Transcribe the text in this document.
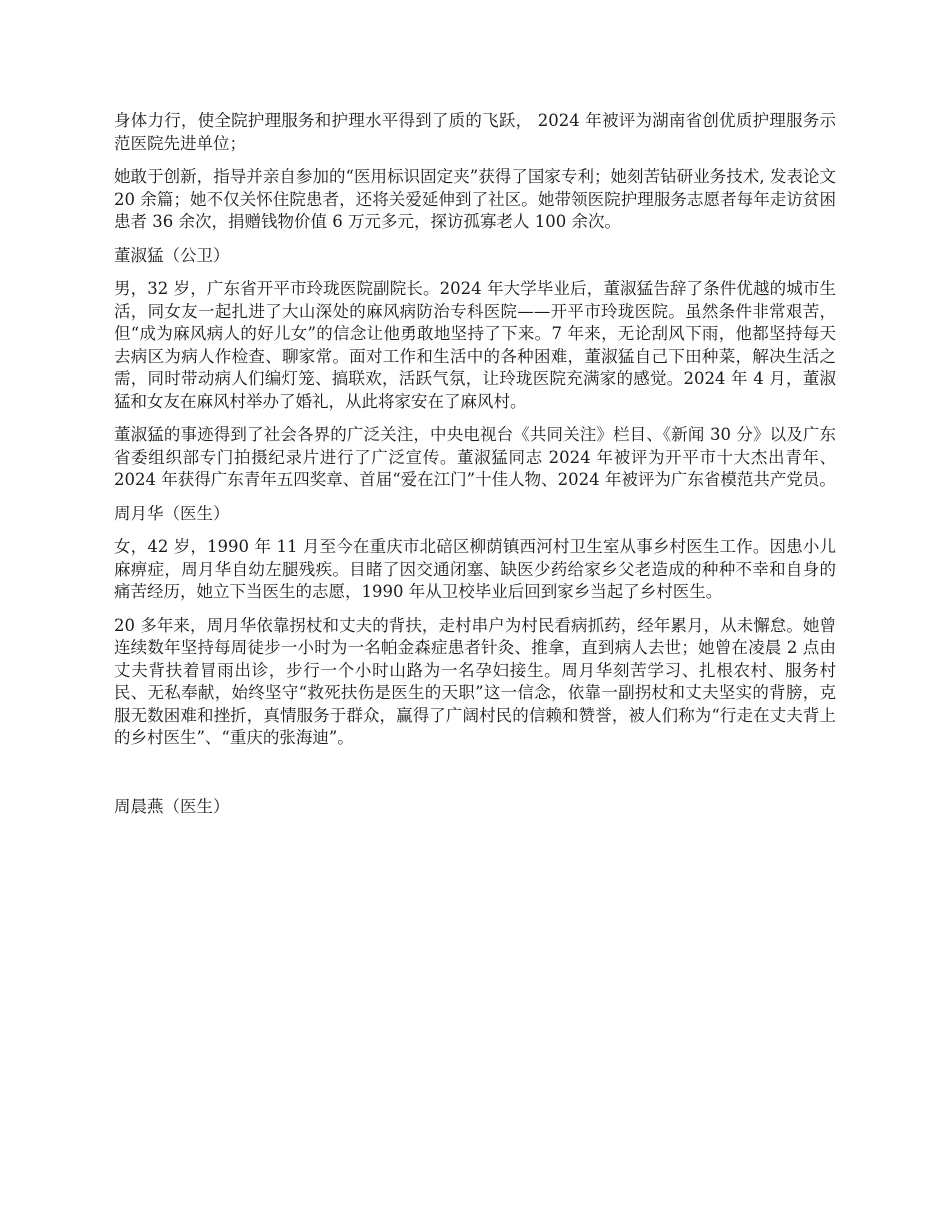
身体力行，使全院护理服务和护理水平得到了质的飞跃， 2024 年被评为湖南省创优质护理服务示范医院先进单位；

她敢于创新，指导并亲自参加的“医用标识固定夹”获得了国家专利；她刻苦钻研业务技术, 发表论文 20 余篇；她不仅关怀住院患者，还将关爱延伸到了社区。她带领医院护理服务志愿者每年走访贫困患者 36 余次，捐赠钱物价值 6 万元多元，探访孤寡老人 100 余次。

董淑猛（公卫）

男，32 岁，广东省开平市玲珑医院副院长。2024 年大学毕业后，董淑猛告辞了条件优越的城市生活，同女友一起扎进了大山深处的麻风病防治专科医院——开平市玲珑医院。虽然条件非常艰苦，但“成为麻风病人的好儿女”的信念让他勇敢地坚持了下来。7 年来，无论刮风下雨，他都坚持每天去病区为病人作检查、聊家常。面对工作和生活中的各种困难，董淑猛自己下田种菜，解决生活之需，同时带动病人们编灯笼、搞联欢，活跃气氛，让玲珑医院充满家的感觉。2024 年 4 月，董淑猛和女友在麻风村举办了婚礼，从此将家安在了麻风村。

董淑猛的事迹得到了社会各界的广泛关注，中央电视台《共同关注》栏目、《新闻 30 分》以及广东省委组织部专门拍摄纪录片进行了广泛宣传。董淑猛同志 2024 年被评为开平市十大杰出青年、2024 年获得广东青年五四奖章、首届“爱在江门”十佳人物、2024 年被评为广东省模范共产党员。

周月华（医生）

女，42 岁，1990 年 11 月至今在重庆市北碚区柳荫镇西河村卫生室从事乡村医生工作。因患小儿麻痹症，周月华自幼左腿残疾。目睹了因交通闭塞、缺医少药给家乡父老造成的种种不幸和自身的痛苦经历，她立下当医生的志愿，1990 年从卫校毕业后回到家乡当起了乡村医生。

20 多年来，周月华依靠拐杖和丈夫的背扶，走村串户为村民看病抓药，经年累月，从未懈怠。她曾连续数年坚持每周徒步一小时为一名帕金森症患者针灸、推拿，直到病人去世；她曾在凌晨 2 点由丈夫背扶着冒雨出诊，步行一个小时山路为一名孕妇接生。周月华刻苦学习、扎根农村、服务村民、无私奉献，始终坚守“救死扶伤是医生的天职”这一信念，依靠一副拐杖和丈夫坚实的背膀，克服无数困难和挫折，真情服务于群众，赢得了广阔村民的信赖和赞誉，被人们称为“行走在丈夫背上的乡村医生”、“重庆的张海迪”。

周晨燕（医生）
